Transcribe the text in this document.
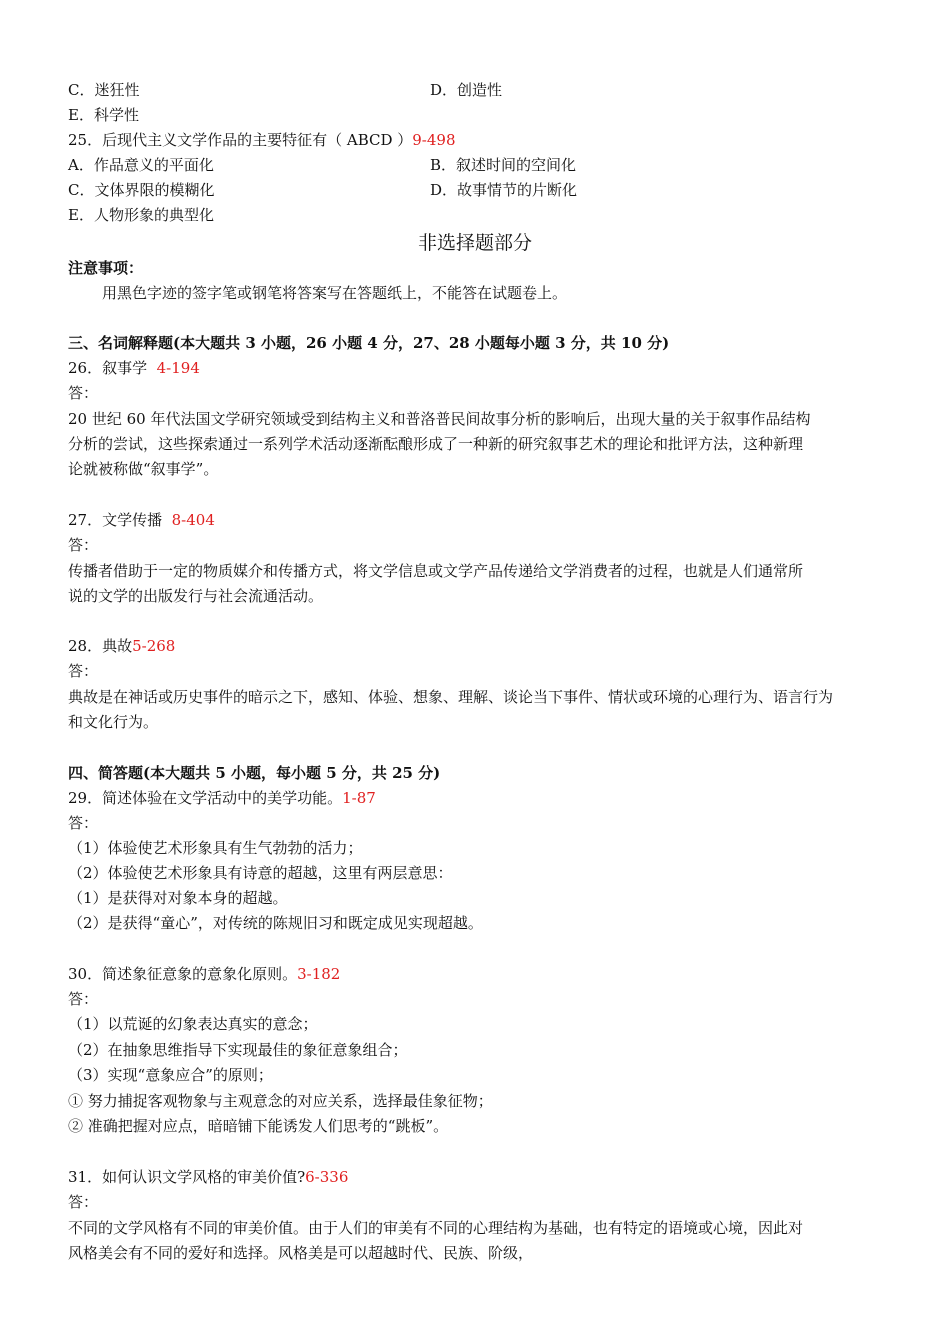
C．迷狂性	D．创造性
E．科学性
25．后现代主义文学作品的主要特征有（ ABCD ）9-498
A．作品意义的平面化	B．叙述时间的空间化
C．文体界限的模糊化	D．故事情节的片断化
E．人物形象的典型化
非选择题部分
注意事项：
用黑色字迹的签字笔或钢笔将答案写在答题纸上，不能答在试题卷上。
三、名词解释题(本大题共 3 小题，26 小题 4 分，27、28 小题每小题 3 分，共 10 分)
26．叙事学 4-194
答：
20 世纪 60 年代法国文学研究领域受到结构主义和普洛普民间故事分析的影响后，出现大量的关于叙事作品结构
分析的尝试，这些探索通过一系列学术活动逐渐酝酿形成了一种新的研究叙事艺术的理论和批评方法，这种新理
论就被称做“叙事学”。
27．文学传播 8-404
答：
传播者借助于一定的物质媒介和传播方式，将文学信息或文学产品传递给文学消费者的过程，也就是人们通常所
说的文学的出版发行与社会流通活动。
28．典故5-268
答：
典故是在神话或历史事件的暗示之下，感知、体验、想象、理解、谈论当下事件、情状或环境的心理行为、语言行为
和文化行为。
四、简答题(本大题共 5 小题，每小题 5 分，共 25 分)
29．简述体验在文学活动中的美学功能。1-87
答：
（1）体验使艺术形象具有生气勃勃的活力；
（2）体验使艺术形象具有诗意的超越，这里有两层意思：
（1）是获得对对象本身的超越。
（2）是获得“童心”，对传统的陈规旧习和既定成见实现超越。
30．简述象征意象的意象化原则。3-182
答：
（1）以荒诞的幻象表达真实的意念；
（2）在抽象思维指导下实现最佳的象征意象组合；
（3）实现“意象应合”的原则；
① 努力捕捉客观物象与主观意念的对应关系，选择最佳象征物；
② 准确把握对应点，暗暗铺下能诱发人们思考的“跳板”。
31．如何认识文学风格的审美价值?6-336
答：
不同的文学风格有不同的审美价值。由于人们的审美有不同的心理结构为基础，也有特定的语境或心境，因此对
风格美会有不同的爱好和选择。风格美是可以超越时代、民族、阶级，
